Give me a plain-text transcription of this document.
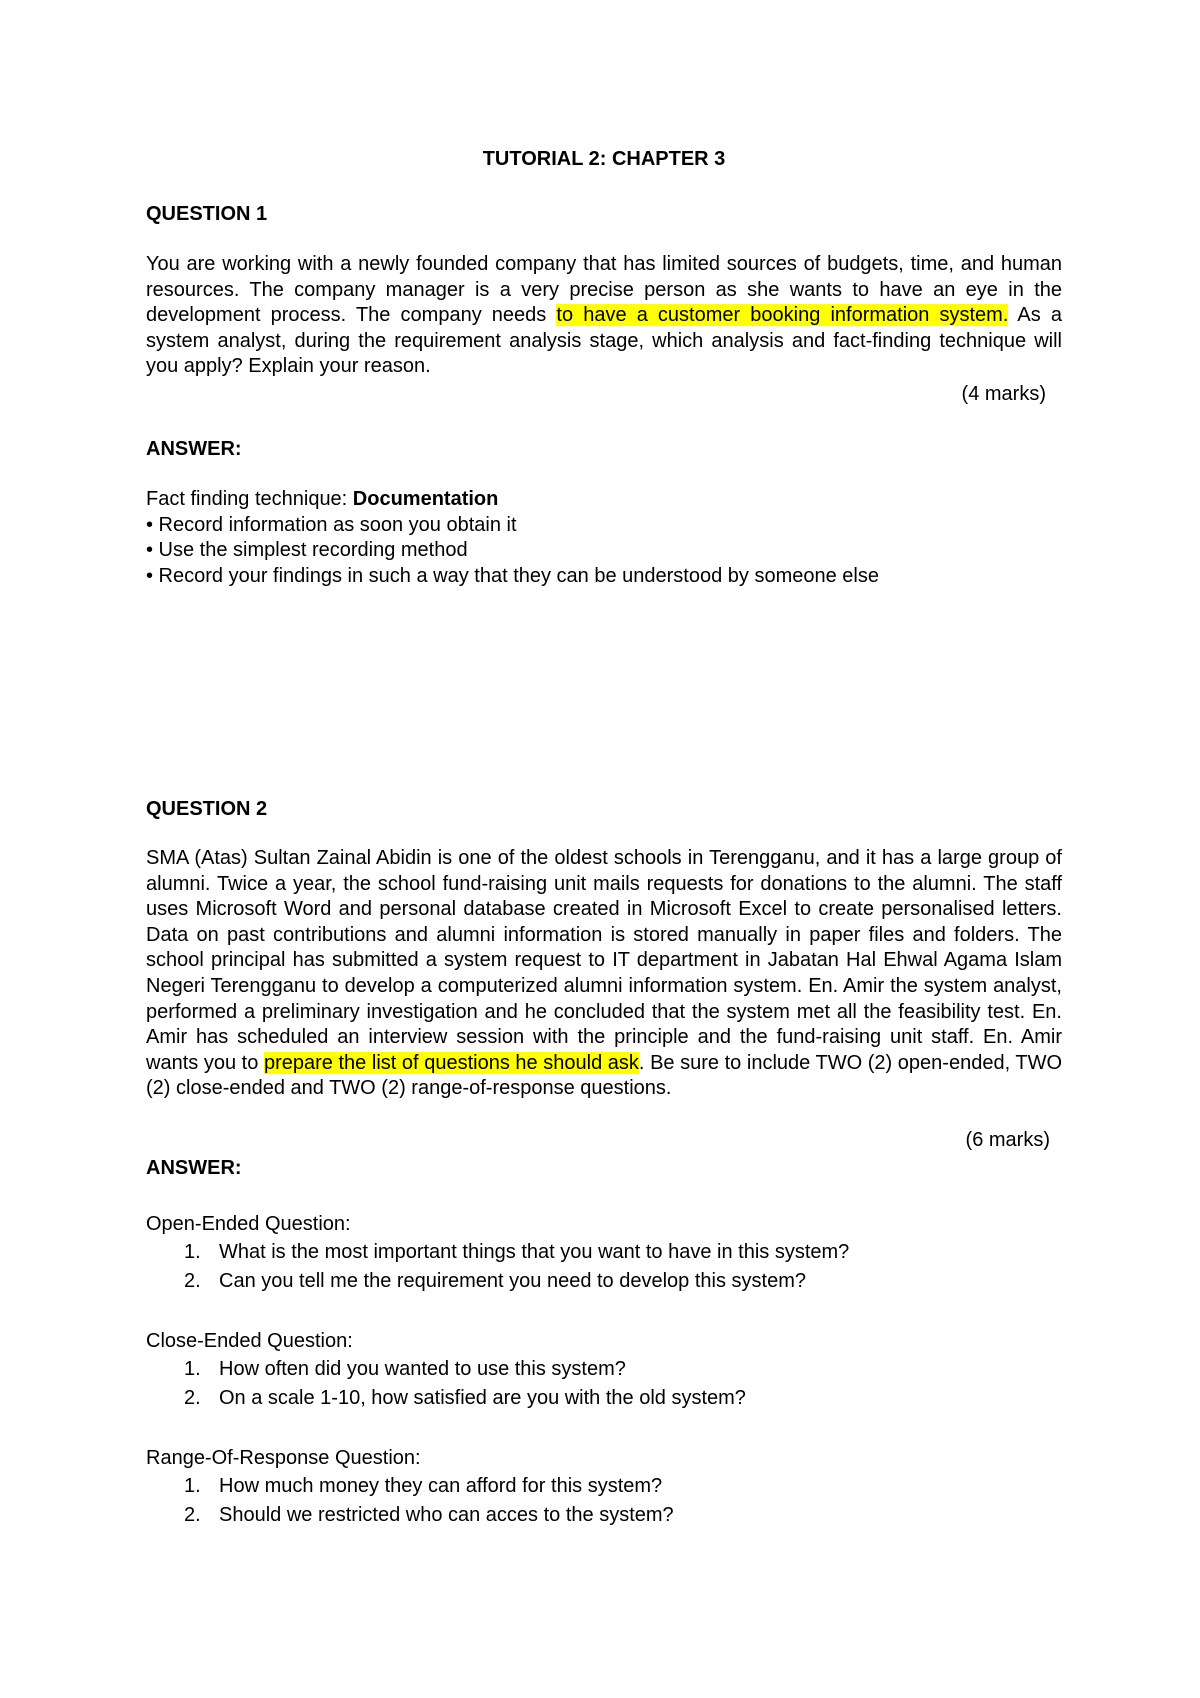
TUTORIAL 2: CHAPTER 3
QUESTION 1

You are working with a newly founded company that has limited sources of budgets, time, and human resources. The company manager is a very precise person as she wants to have an eye in the development process. The company needs to have a customer booking information system. As a system analyst, during the requirement analysis stage, which analysis and fact-finding technique will you apply? Explain your reason.

(4 marks)

ANSWER:

Fact finding technique: Documentation

• Record information as soon you obtain it

• Use the simplest recording method

• Record your findings in such a way that they can be understood by someone else

QUESTION 2

SMA (Atas) Sultan Zainal Abidin is one of the oldest schools in Terengganu, and it has a large group of alumni. Twice a year, the school fund-raising unit mails requests for donations to the alumni. The staff uses Microsoft Word and personal database created in Microsoft Excel to create personalised letters. Data on past contributions and alumni information is stored manually in paper files and folders. The school principal has submitted a system request to IT department in Jabatan Hal Ehwal Agama Islam Negeri Terengganu to develop a computerized alumni information system. En. Amir the system analyst, performed a preliminary investigation and he concluded that the system met all the feasibility test. En. Amir has scheduled an interview session with the principle and the fund-raising unit staff. En. Amir wants you to prepare the list of questions he should ask. Be sure to include TWO (2) open-ended, TWO (2) close-ended and TWO (2) range-of-response questions.

(6 marks)

ANSWER:

Open-Ended Question:

1. What is the most important things that you want to have in this system?
2. Can you tell me the requirement you need to develop this system?

Close-Ended Question:

1. How often did you wanted to use this system?
2. On a scale 1-10, how satisfied are you with the old system?

Range-Of-Response Question:

1. How much money they can afford for this system?
2. Should we restricted who can acces to the system?
